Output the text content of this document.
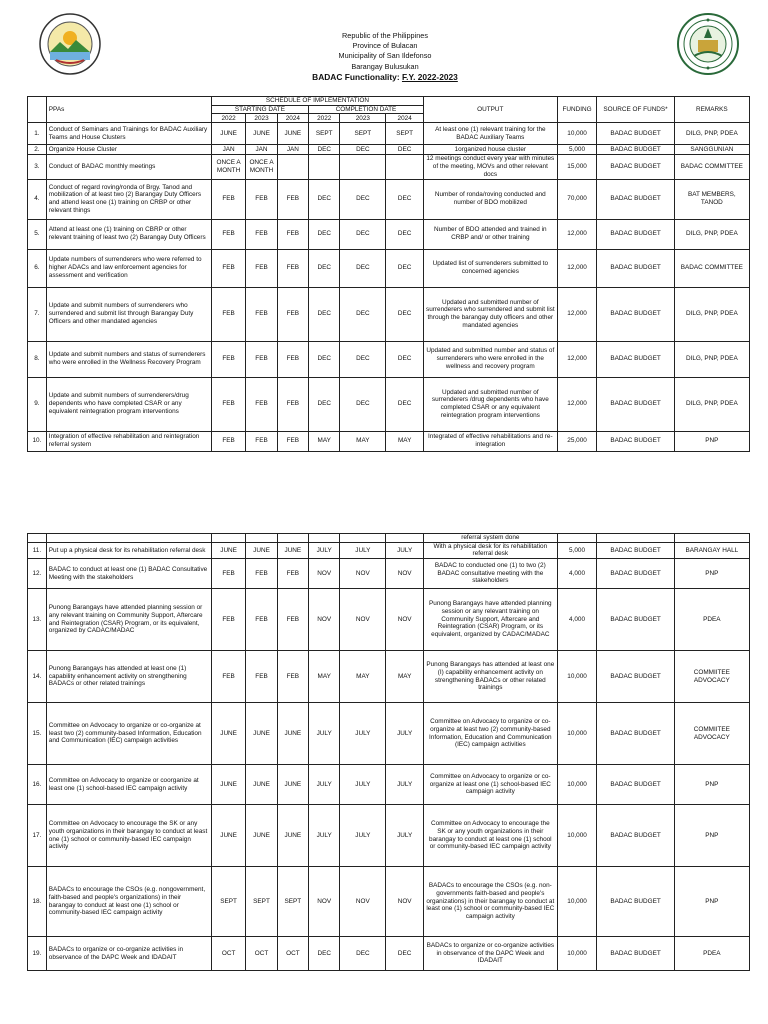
Republic of the Philippines
Province of Bulacan
Municipality of San Ildefonso
Barangay Bulusukan
BADAC Functionality: F.Y. 2022-2023
	PPAs	SCHEDULE OF IMPLEMENTATION						OUTPUT	FUNDING	SOURCE OF FUNDS*	REMARKS
		STARTING DATE			COMPLETION DATE						
		2022	2023	2024	2022	2023	2024				
1.	Conduct of Seminars and Trainings for BADAC Auxiliary Teams and House Clusters	JUNE	JUNE	JUNE	SEPT	SEPT	SEPT	At least one (1) relevant training for the BADAC Auxiliary Teams	10,000	BADAC BUDGET	DILG, PNP, PDEA
2.	Organize House Cluster	JAN	JAN	JAN	DEC	DEC	DEC	1organized house cluster	5,000	BADAC BUDGET	SANGGUNIAN
3.	Conduct of BADAC monthly meetings	ONCE A MONTH	ONCE A MONTH					12 meetings conduct every year with minutes of the meeting, MOVs and other relevant docs	15,000	BADAC BUDGET	BADAC COMMITTEE
4.	Conduct of regard roving/ronda of Brgy. Tanod and mobilization of at least two (2) Barangay Duty Officers and attend least one (1) training on CRBP or other relevant things	FEB	FEB	FEB	DEC	DEC	DEC	Number of ronda/roving conducted and number of BDO mobilized	70,000	BADAC BUDGET	BAT MEMBERS, TANOD
5.	Attend at least one (1) training on CBRP or other relevant training of least two (2) Barangay Duty Officers	FEB	FEB	FEB	DEC	DEC	DEC	Number of BDO attended and trained in CRBP and/ or other training	12,000	BADAC BUDGET	DILG, PNP, PDEA
6.	Update numbers of surrenderers who were referred to higher ADACs and law enforcement agencies for assessment and verification	FEB	FEB	FEB	DEC	DEC	DEC	Updated list of surrenderers submitted to concerned agencies	12,000	BADAC BUDGET	BADAC COMMITTEE
7.	Update and submit numbers of surrenderers who surrendered and submit list through Barangay Duty Officers and other mandated agencies	FEB	FEB	FEB	DEC	DEC	DEC	Updated and submitted number of surrenderers who surrendered and submit list through the barangay duty officers and other mandated agencies	12,000	BADAC BUDGET	DILG, PNP, PDEA
8.	Update and submit numbers and status of surrenderers who were enrolled in the Wellness Recovery Program	FEB	FEB	FEB	DEC	DEC	DEC	Updated and submitted number and status of surrenderers who were enrolled in the wellness and recovery program	12,000	BADAC BUDGET	DILG, PNP, PDEA
9.	Update and submit numbers of surrenderers/drug dependents who have completed CSAR or any equivalent reintegration program interventions	FEB	FEB	FEB	DEC	DEC	DEC	Updated and submitted number of surrenderers /drug dependents who have completed CSAR or any equivalent reintegration program interventions	12,000	BADAC BUDGET	DILG, PNP, PDEA
10.	Integration of effective rehabilitation and reintegration referral system	FEB	FEB	FEB	MAY	MAY	MAY	Integrated of effective rehabilitations and re-integration	25,000	BADAC BUDGET	PNP
								referral system done			
11.	Put up a physical desk for its rehabilitation referral desk	JUNE	JUNE	JUNE	JULY	JULY	JULY	With a physical desk for its rehabilitation referral desk	5,000	BADAC BUDGET	BARANGAY HALL
12.	BADAC to conduct at least one (1) BADAC Consultative Meeting with the stakeholders	FEB	FEB	FEB	NOV	NOV	NOV	BADAC to conducted one (1) to two (2) BADAC consultative meeting with the stakeholders	4,000	BADAC BUDGET	PNP
13.	Punong Barangays have attended planning session or any relevant training on Community Support, Aftercare and Reintegration (CSAR) Program, or its equivalent, organized by CADAC/MADAC	FEB	FEB	FEB	NOV	NOV	NOV	Punong Barangays have attended planning session or any relevant training on Community Support, Aftercare and Reintegration (CSAR) Program, or its equivalent, organized by CADAC/MADAC	4,000	BADAC BUDGET	PDEA
14.	Punong Barangays has attended at least one (1) capability enhancement activity on strengthening BADACs or other related trainings	FEB	FEB	FEB	MAY	MAY	MAY	Punong Barangays has attended at least one (I) capability enhancement activity on strengthening BADACs or other related trainings	10,000	BADAC BUDGET	COMMIITEE ADVOCACY
15.	Committee on Advocacy to organize or co-organize at least two (2) community-based Information, Education and Communication (IEC) campaign activities	JUNE	JUNE	JUNE	JULY	JULY	JULY	Committee on Advocacy to organize or co-organize at least two (2) community-based Information, Education and Communication (IEC) campaign activities	10,000	BADAC BUDGET	COMMIITEE ADVOCACY
16.	Committee on Advocacy to organize or coorganize at least one (1) school-based IEC campaign activity	JUNE	JUNE	JUNE	JULY	JULY	JULY	Committee on Advocacy to organize or co-organize at least one (1) school-based IEC campaign activity	10,000	BADAC BUDGET	PNP
17.	Committee on Advocacy to encourage the SK or any youth organizations in their barangay to conduct at least one (1) school or community-based IEC campaign activity	JUNE	JUNE	JUNE	JULY	JULY	JULY	Committee on Advocacy to encourage the SK or any youth organizations in their barangay to conduct at least one (1) school or community-based IEC campaign activity	10,000	BADAC BUDGET	PNP
18.	BADACs to encourage the CSOs (e.g. nongovernment, faith-based and people's organizations) in their barangay to conduct at least one (1) school or community-based IEC campaign activity	SEPT	SEPT	SEPT	NOV	NOV	NOV	BADACs to encourage the CSOs (e.g. non-governments faith-based and people's organizations) in their barangay to conduct at least one (1) school or community-based IEC campaign activity	10,000	BADAC BUDGET	PNP
19.	BADACs to organize or co-organize activities in observance of the DAPC Week and IDADAIT	OCT	OCT	OCT	DEC	DEC	DEC	BADACs to organize or co-organize activities in observance of the DAPC Week and IDADAIT	10,000	BADAC BUDGET	PDEA
